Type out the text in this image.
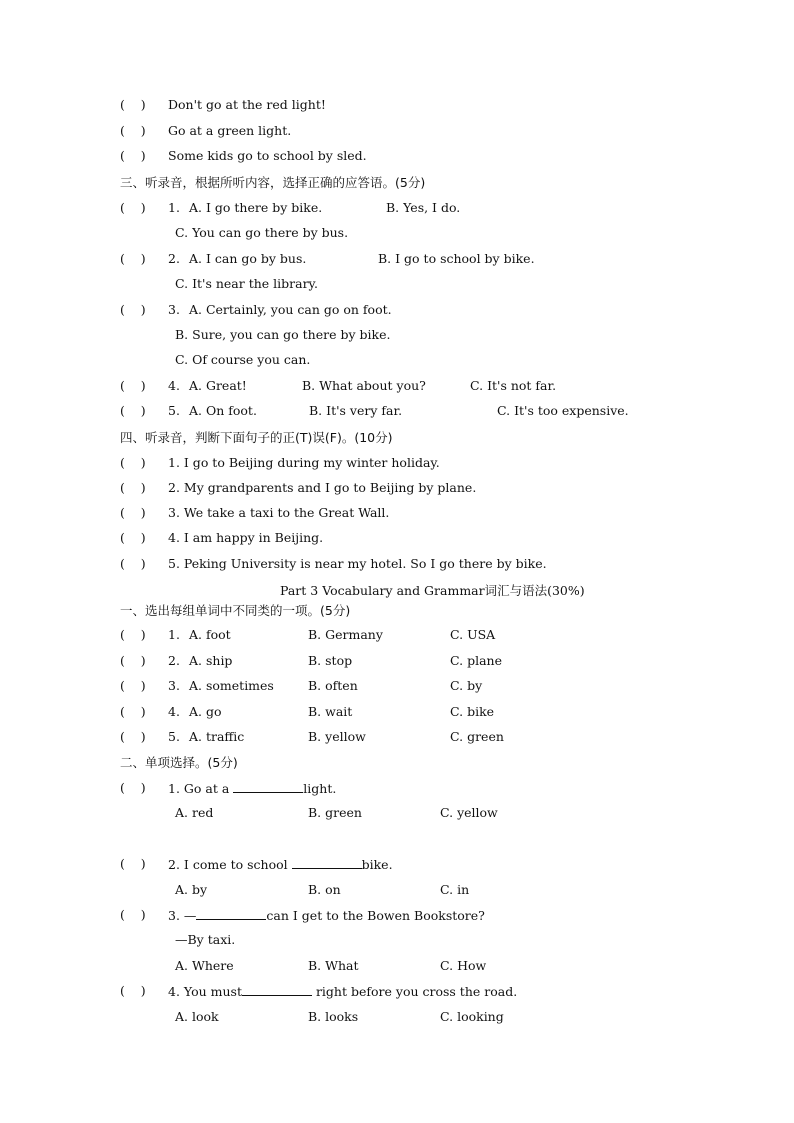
(    ) Don't go at the red light!
(    ) Go at a green light.
(    ) Some kids go to school by sled.
三、听录音，根据所听内容，选择正确的应答语。(5分)
(    ) 1. A. I go there by bike.	B. Yes, I do.
C. You can go there by bus.
(    ) 2. A. I can go by bus.	B. I go to school by bike.
C. It's near the library.
(    ) 3. A. Certainly, you can go on foot.
B. Sure, you can go there by bike.
C. Of course you can.
(    ) 4. A. Great!	B. What about you?	C. It's not far.
(    ) 5. A. On foot.	B. It's very far.	C. It's too expensive.
四、听录音，判断下面句子的正(T)误(F)。(10分)
(    ) 1. I go to Beijing during my winter holiday.
(    ) 2. My grandparents and I go to Beijing by plane.
(    ) 3. We take a taxi to the Great Wall.
(    ) 4. I am happy in Beijing.
(    ) 5. Peking University is near my hotel. So I go there by bike.
Part 3 Vocabulary and Grammar词汇与语法(30%)
一、选出每组单词中不同类的一项。(5分)
(    ) 1. A. foot	B. Germany	C. USA
(    ) 2. A. ship	B. stop	C. plane
(    ) 3. A. sometimes	B. often	C. by
(    ) 4. A. go	B. wait	C. bike
(    ) 5. A. traffic	B. yellow	C. green
二、单项选择。(5分)
(    ) 1. Go at a	light.
A. red	B. green	C. yellow
(    ) 2. I come to school	bike.
A. by	B. on	C. in
(    ) 3. —	can I get to the Bowen Bookstore?
—By taxi.
A. Where	B. What	C. How
(    ) 4. You must	right before you cross the road.
A. look	B. looks	C. looking
